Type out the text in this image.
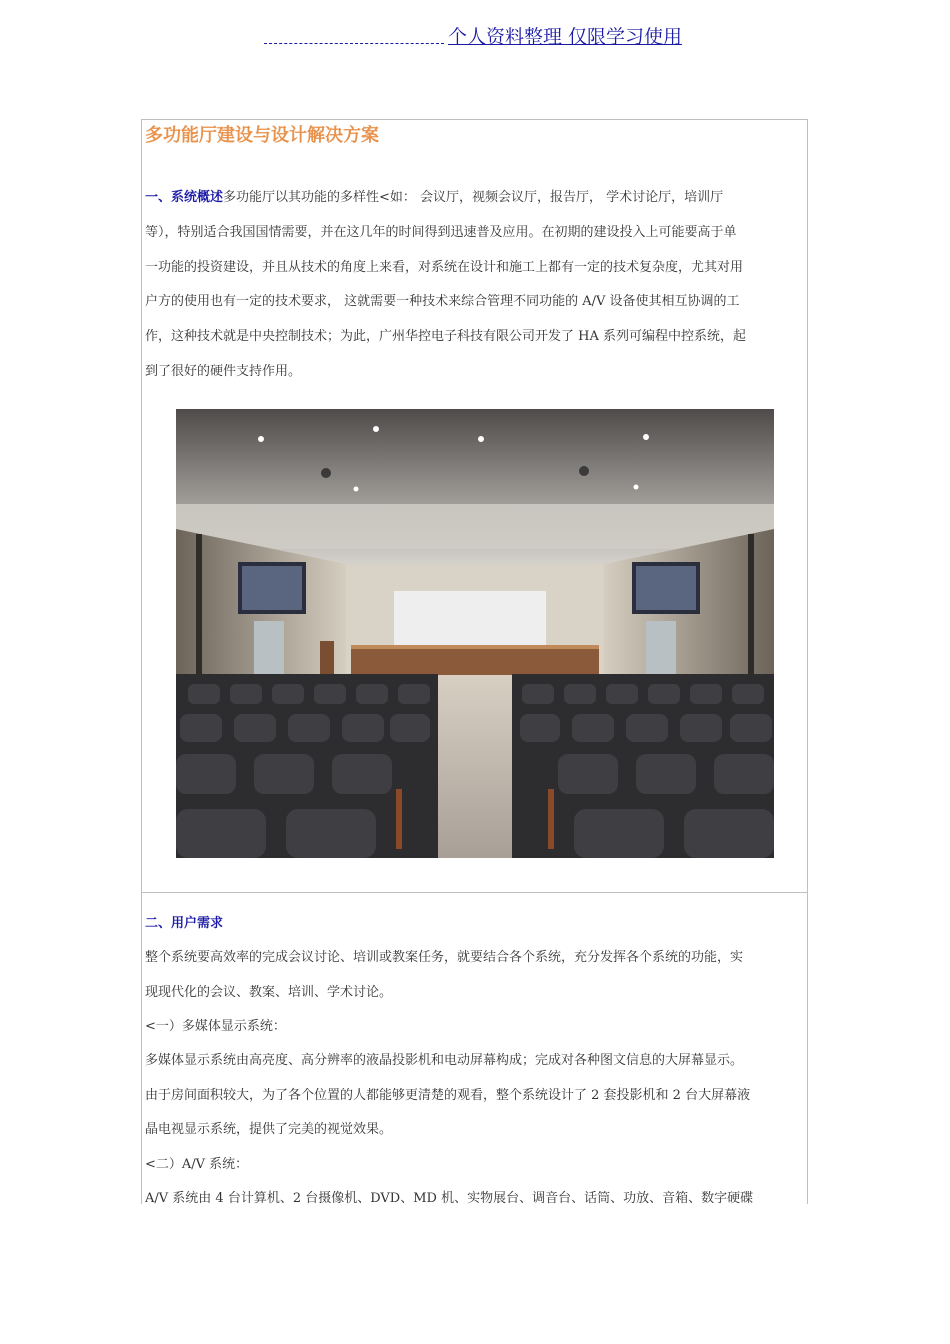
个人资料整理 仅限学习使用
多功能厅建设与设计解决方案
一、系统概述多功能厅以其功能的多样性<如： 会议厅，视频会议厅，报告厅， 学术讨论厅，培训厅
等），特别适合我国国情需要，并在这几年的时间得到迅速普及应用。在初期的建设投入上可能要高于单
一功能的投资建设，并且从技术的角度上来看，对系统在设计和施工上都有一定的技术复杂度，尤其对用
户方的使用也有一定的技术要求， 这就需要一种技术来综合管理不同功能的 A/V 设备使其相互协调的工
作，这种技术就是中央控制技术；为此，广州华控电子科技有限公司开发了 HA 系列可编程中控系统，起
到了很好的硬件支持作用。
二、用户需求
整个系统要高效率的完成会议讨论、培训或教案任务，就要结合各个系统，充分发挥各个系统的功能，实
现现代化的会议、教案、培训、学术讨论。
<一）多媒体显示系统：
多媒体显示系统由高亮度、高分辨率的液晶投影机和电动屏幕构成；完成对各种图文信息的大屏幕显示。
由于房间面积较大，为了各个位置的人都能够更清楚的观看，整个系统设计了 2 套投影机和 2 台大屏幕液
晶电视显示系统，提供了完美的视觉效果。
<二）A/V 系统：
A/V 系统由 4 台计算机、2 台摄像机、DVD、MD 机、实物展台、调音台、话筒、功放、音箱、数字硬碟
